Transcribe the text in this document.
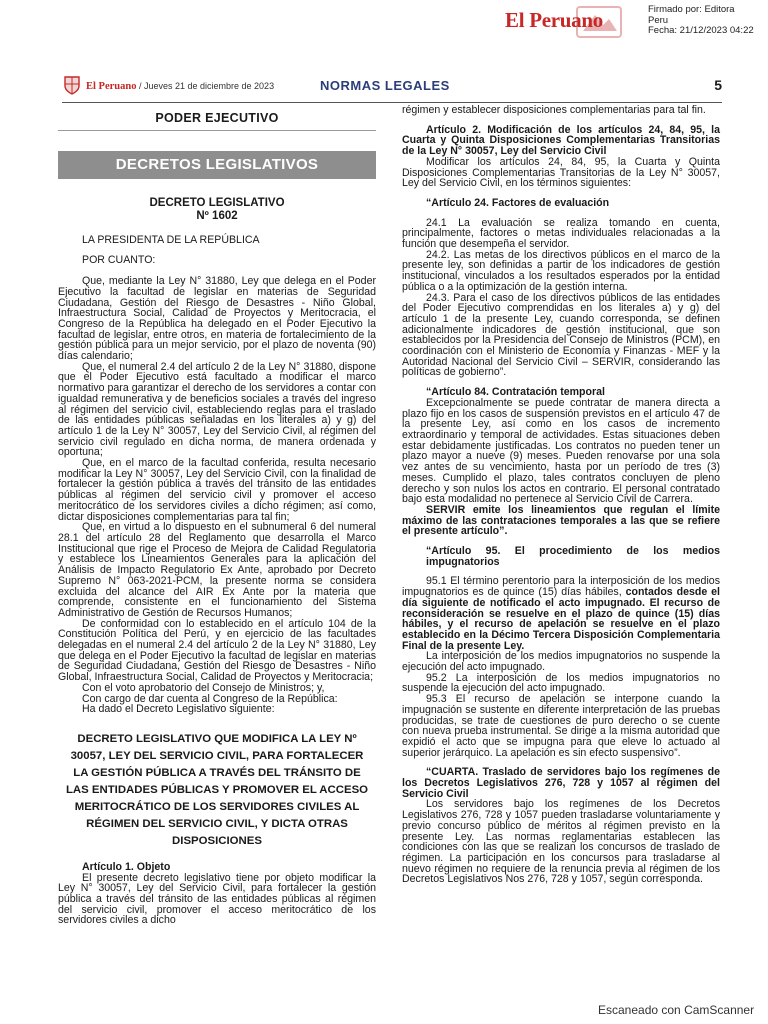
El Peruano	Firmado por: Editora
Peru
Fecha: 21/12/2023 04:22
El Peruano / Jueves 21 de diciembre de 2023	NORMAS LEGALES	5
PODER EJECUTIVO
DECRETOS LEGISLATIVOS
DECRETO LEGISLATIVO
Nº 1602

LA PRESIDENTA DE LA REPÚBLICA

POR CUANTO:

Que, mediante la Ley N° 31880, Ley que delega en el Poder Ejecutivo la facultad de legislar en materias de Seguridad Ciudadana, Gestión del Riesgo de Desastres - Niño Global, Infraestructura Social, Calidad de Proyectos y Meritocracia, el Congreso de la República ha delegado en el Poder Ejecutivo la facultad de legislar, entre otros, en materia de fortalecimiento de la gestión pública para un mejor servicio, por el plazo de noventa (90) días calendario;

Que, el numeral 2.4 del artículo 2 de la Ley N° 31880, dispone que el Poder Ejecutivo está facultado a modificar el marco normativo para garantizar el derecho de los servidores a contar con igualdad remunerativa y de beneficios sociales a través del ingreso al régimen del servicio civil, estableciendo reglas para el traslado de las entidades públicas señaladas en los literales a) y g) del artículo 1 de la Ley N° 30057, Ley del Servicio Civil, al régimen del servicio civil regulado en dicha norma, de manera ordenada y oportuna;

Que, en el marco de la facultad conferida, resulta necesario modificar la Ley N° 30057, Ley del Servicio Civil, con la finalidad de fortalecer la gestión pública a través del tránsito de las entidades públicas al régimen del servicio civil y promover el acceso meritocrático de los servidores civiles a dicho régimen; así como, dictar disposiciones complementarias para tal fin;

Que, en virtud a lo dispuesto en el subnumeral 6 del numeral 28.1 del artículo 28 del Reglamento que desarrolla el Marco Institucional que rige el Proceso de Mejora de Calidad Regulatoria y establece los Lineamientos Generales para la aplicación del Análisis de Impacto Regulatorio Ex Ante, aprobado por Decreto Supremo N° 063-2021-PCM, la presente norma se considera excluida del alcance del AIR Ex Ante por la materia que comprende, consistente en el funcionamiento del Sistema Administrativo de Gestión de Recursos Humanos;

De conformidad con lo establecido en el artículo 104 de la Constitución Política del Perú, y en ejercicio de las facultades delegadas en el numeral 2.4 del artículo 2 de la Ley N° 31880, Ley que delega en el Poder Ejecutivo la facultad de legislar en materias de Seguridad Ciudadana, Gestión del Riesgo de Desastres - Niño Global, Infraestructura Social, Calidad de Proyectos y Meritocracia;

Con el voto aprobatorio del Consejo de Ministros; y,

Con cargo de dar cuenta al Congreso de la República:

Ha dado el Decreto Legislativo siguiente:

DECRETO LEGISLATIVO QUE MODIFICA LA LEY Nº 30057, LEY DEL SERVICIO CIVIL, PARA FORTALECER LA GESTIÓN PÚBLICA A TRAVÉS DEL TRÁNSITO DE LAS ENTIDADES PÚBLICAS Y PROMOVER EL ACCESO MERITOCRÁTICO DE LOS SERVIDORES CIVILES AL RÉGIMEN DEL SERVICIO CIVIL, Y DICTA OTRAS DISPOSICIONES

Artículo 1. Objeto

El presente decreto legislativo tiene por objeto modificar la Ley N° 30057, Ley del Servicio Civil, para fortalecer la gestión pública a través del tránsito de las entidades públicas al régimen del servicio civil, promover el acceso meritocrático de los servidores civiles a dicho

régimen y establecer disposiciones complementarias para tal fin.

Artículo 2. Modificación de los artículos 24, 84, 95, la Cuarta y Quinta Disposiciones Complementarias Transitorias de la Ley N° 30057, Ley del Servicio Civil

Modificar los artículos 24, 84, 95, la Cuarta y Quinta Disposiciones Complementarias Transitorias de la Ley N° 30057, Ley del Servicio Civil, en los términos siguientes:

“Artículo 24. Factores de evaluación

24.1 La evaluación se realiza tomando en cuenta, principalmente, factores o metas individuales relacionadas a la función que desempeña el servidor.

24.2. Las metas de los directivos públicos en el marco de la presente ley, son definidas a partir de los indicadores de gestión institucional, vinculados a los resultados esperados por la entidad pública o a la optimización de la gestión interna.

24.3. Para el caso de los directivos públicos de las entidades del Poder Ejecutivo comprendidas en los literales a) y g) del artículo 1 de la presente Ley, cuando corresponda, se definen adicionalmente indicadores de gestión institucional, que son establecidos por la Presidencia del Consejo de Ministros (PCM), en coordinación con el Ministerio de Economía y Finanzas - MEF y la Autoridad Nacional del Servicio Civil – SERVIR, considerando las políticas de gobierno”.

“Artículo 84. Contratación temporal

Excepcionalmente se puede contratar de manera directa a plazo fijo en los casos de suspensión previstos en el artículo 47 de la presente Ley, así como en los casos de incremento extraordinario y temporal de actividades. Estas situaciones deben estar debidamente justificadas. Los contratos no pueden tener un plazo mayor a nueve (9) meses. Pueden renovarse por una sola vez antes de su vencimiento, hasta por un período de tres (3) meses. Cumplido el plazo, tales contratos concluyen de pleno derecho y son nulos los actos en contrario. El personal contratado bajo esta modalidad no pertenece al Servicio Civil de Carrera.

SERVIR emite los lineamientos que regulan el límite máximo de las contrataciones temporales a las que se refiere el presente artículo”.

“Artículo 95. El procedimiento de los medios impugnatorios

95.1 El término perentorio para la interposición de los medios impugnatorios es de quince (15) días hábiles, contados desde el día siguiente de notificado el acto impugnado. El recurso de reconsideración se resuelve en el plazo de quince (15) días hábiles, y el recurso de apelación se resuelve en el plazo establecido en la Décimo Tercera Disposición Complementaria Final de la presente Ley.

La interposición de los medios impugnatorios no suspende la ejecución del acto impugnado.

95.2 La interposición de los medios impugnatorios no suspende la ejecución del acto impugnado.

95.3 El recurso de apelación se interpone cuando la impugnación se sustente en diferente interpretación de las pruebas producidas, se trate de cuestiones de puro derecho o se cuente con nueva prueba instrumental. Se dirige a la misma autoridad que expidió el acto que se impugna para que eleve lo actuado al superior jerárquico. La apelación es sin efecto suspensivo”.

“CUARTA. Traslado de servidores bajo los regímenes de los Decretos Legislativos 276, 728 y 1057 al régimen del Servicio Civil

Los servidores bajo los regímenes de los Decretos Legislativos 276, 728 y 1057 pueden trasladarse voluntariamente y previo concurso público de méritos al régimen previsto en la presente Ley. Las normas reglamentarias establecen las condiciones con las que se realizan los concursos de traslado de régimen. La participación en los concursos para trasladarse al nuevo régimen no requiere de la renuncia previa al régimen de los Decretos Legislativos Nos 276, 728 y 1057, según corresponda.

Escaneado con CamScanner
